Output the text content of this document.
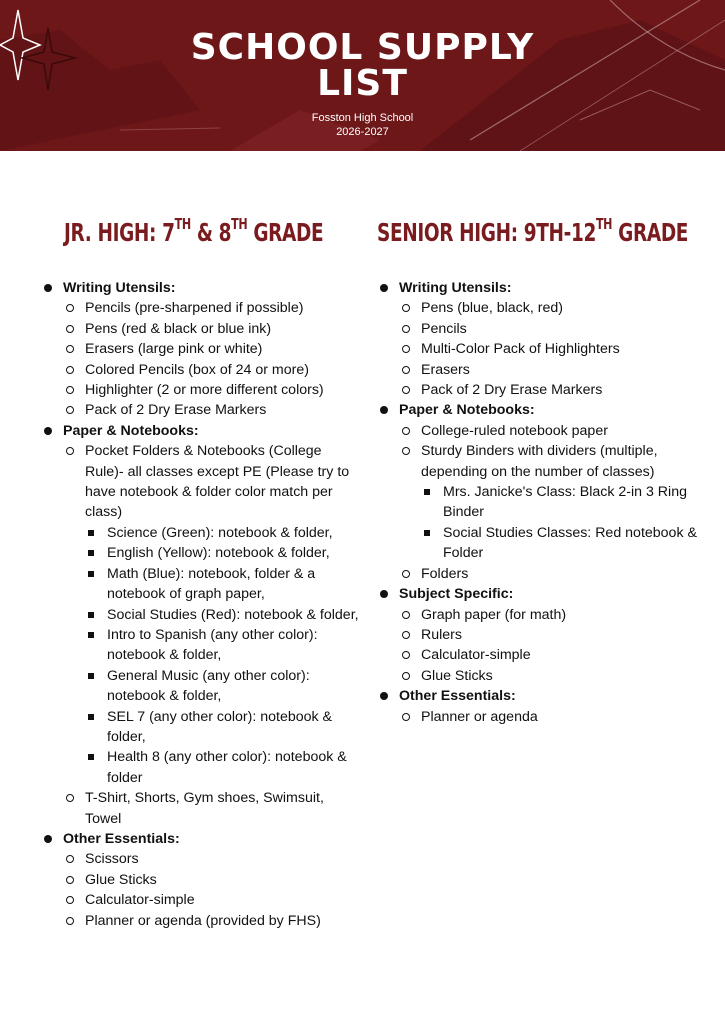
SCHOOL SUPPLY
LIST
Fosston High School
2026-2027
JR. HIGH: 7TH & 8TH GRADE SENIOR HIGH: 9TH-12TH GRADE
Writing Utensils:
Pencils (pre-sharpened if possible)
Pens (red & black or blue ink)
Erasers (large pink or white)
Colored Pencils (box of 24 or more)
Highlighter (2 or more different colors)
Pack of 2 Dry Erase Markers
Paper & Notebooks:
Pocket Folders & Notebooks (College Rule)- all classes except PE (Please try to have notebook & folder color match per class)
Science (Green): notebook & folder,
English (Yellow): notebook & folder,
Math (Blue): notebook, folder & a notebook of graph paper,
Social Studies (Red): notebook & folder,
Intro to Spanish (any other color): notebook & folder,
General Music (any other color): notebook & folder,
SEL 7 (any other color): notebook & folder,
Health 8 (any other color): notebook & folder
T-Shirt, Shorts, Gym shoes, Swimsuit, Towel
Other Essentials:
Scissors
Glue Sticks
Calculator-simple
Planner or agenda (provided by FHS)
Writing Utensils:
Pens (blue, black, red)
Pencils
Multi-Color Pack of Highlighters
Erasers
Pack of 2 Dry Erase Markers
Paper & Notebooks:
College-ruled notebook paper
Sturdy Binders with dividers (multiple, depending on the number of classes)
Mrs. Janicke's Class: Black 2-in 3 Ring Binder
Social Studies Classes: Red notebook & Folder
Folders
Subject Specific:
Graph paper (for math)
Rulers
Calculator-simple
Glue Sticks
Other Essentials:
Planner or agenda
